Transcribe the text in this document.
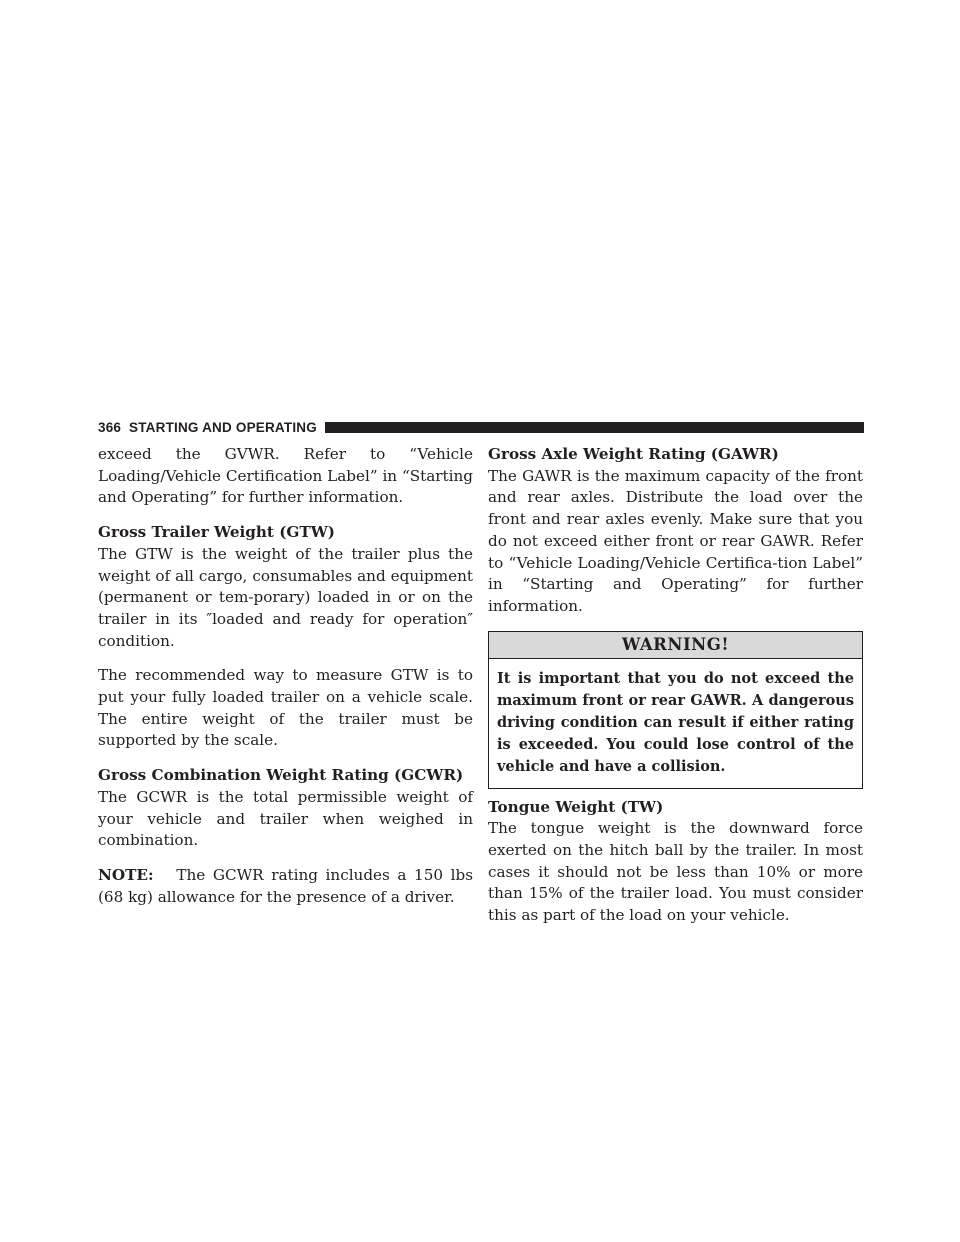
366 STARTING AND OPERATING

exceed the GVWR. Refer to “Vehicle Loading/Vehicle Certification Label” in “Starting and Operating” for further information.

Gross Trailer Weight (GTW)

The GTW is the weight of the trailer plus the weight of all cargo, consumables and equipment (permanent or tem-porary) loaded in or on the trailer in its ″loaded and ready for operation″ condition.

The recommended way to measure GTW is to put your fully loaded trailer on a vehicle scale. The entire weight of the trailer must be supported by the scale.

Gross Combination Weight Rating (GCWR)

The GCWR is the total permissible weight of your vehicle and trailer when weighed in combination.

NOTE: The GCWR rating includes a 150 lbs (68 kg) allowance for the presence of a driver.

Gross Axle Weight Rating (GAWR)

The GAWR is the maximum capacity of the front and rear axles. Distribute the load over the front and rear axles evenly. Make sure that you do not exceed either front or rear GAWR. Refer to “Vehicle Loading/Vehicle Certifica-tion Label” in “Starting and Operating” for further information.

WARNING!
It is important that you do not exceed the maximum front or rear GAWR. A dangerous driving condition can result if either rating is exceeded. You could lose control of the vehicle and have a collision.
Tongue Weight (TW)

The tongue weight is the downward force exerted on the hitch ball by the trailer. In most cases it should not be less than 10% or more than 15% of the trailer load. You must consider this as part of the load on your vehicle.
